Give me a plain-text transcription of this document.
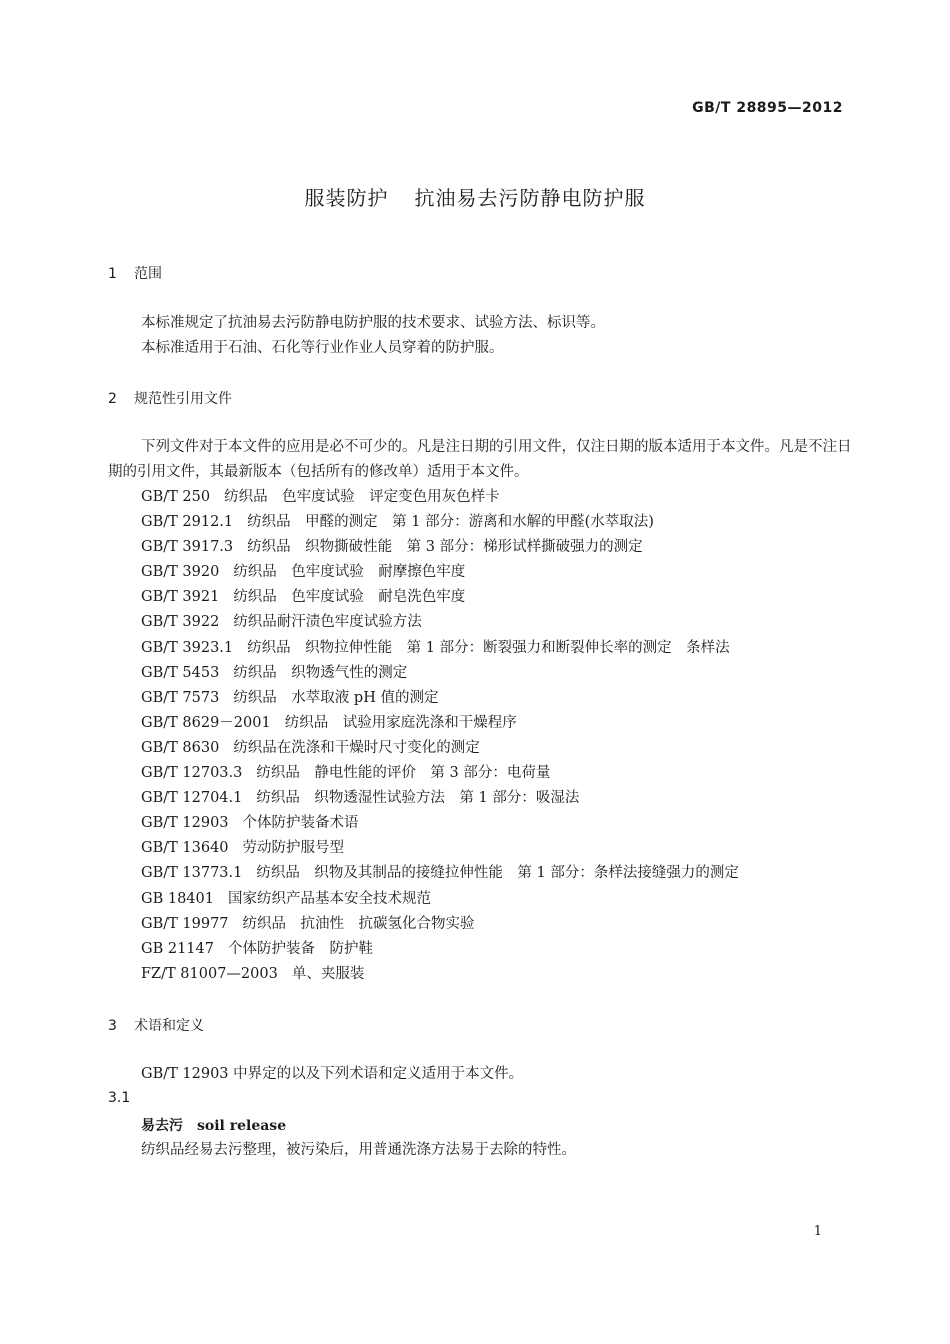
GB/T 28895—2012
服装防护 抗油易去污防静电防护服
1 范围
本标准规定了抗油易去污防静电防护服的技术要求、试验方法、标识等。
本标准适用于石油、石化等行业作业人员穿着的防护服。
2 规范性引用文件
下列文件对于本文件的应用是必不可少的。凡是注日期的引用文件，仅注日期的版本适用于本文件。凡是不注日期的引用文件，其最新版本（包括所有的修改单）适用于本文件。
GB/T 250 纺织品　色牢度试验　评定变色用灰色样卡
GB/T 2912.1 纺织品　甲醛的测定　第 1 部分：游离和水解的甲醛(水萃取法)
GB/T 3917.3 纺织品　织物撕破性能　第 3 部分：梯形试样撕破强力的测定
GB/T 3920 纺织品　色牢度试验　耐摩擦色牢度
GB/T 3921 纺织品　色牢度试验　耐皂洗色牢度
GB/T 3922 纺织品耐汗渍色牢度试验方法
GB/T 3923.1 纺织品　织物拉伸性能　第 1 部分：断裂强力和断裂伸长率的测定　条样法
GB/T 5453 纺织品　织物透气性的测定
GB/T 7573 纺织品　水萃取液 pH 值的测定
GB/T 8629－2001 纺织品　试验用家庭洗涤和干燥程序
GB/T 8630 纺织品在洗涤和干燥时尺寸变化的测定
GB/T 12703.3 纺织品　静电性能的评价　第 3 部分：电荷量
GB/T 12704.1 纺织品　织物透湿性试验方法　第 1 部分：吸湿法
GB/T 12903 个体防护装备术语
GB/T 13640 劳动防护服号型
GB/T 13773.1 纺织品　织物及其制品的接缝拉伸性能　第 1 部分：条样法接缝强力的测定
GB 18401 国家纺织产品基本安全技术规范
GB/T 19977 纺织品　抗油性　抗碳氢化合物实验
GB 21147 个体防护装备　防护鞋
FZ/T 81007—2003 单、夹服装
3 术语和定义
GB/T 12903 中界定的以及下列术语和定义适用于本文件。
3.1
易去污 soil release
纺织品经易去污整理，被污染后，用普通洗涤方法易于去除的特性。
1
